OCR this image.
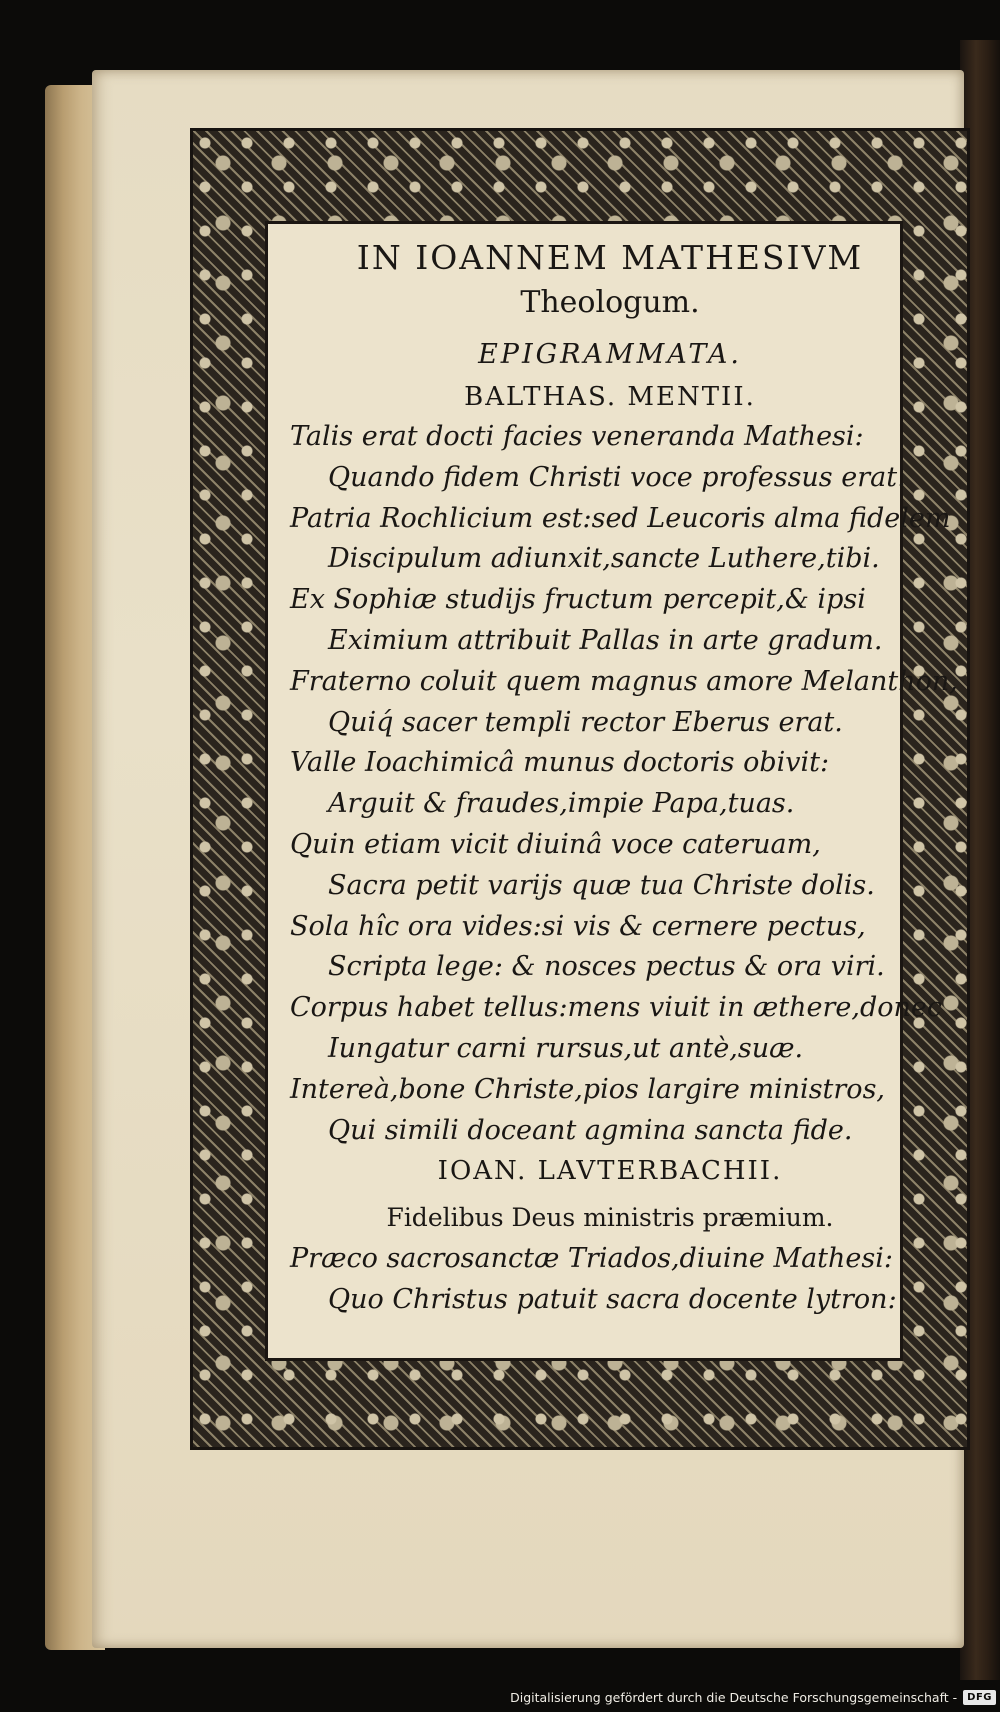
IN IOANNEM MATHESIVM

Theologum.

EPIGRAMMATA.

BALTHAS. MENTII.

Talis erat docti facies veneranda Mathesi:

Quando fidem Christi voce professus erat.

Patria Rochlicium est:sed Leucoris alma fidelem

Discipulum adiunxit,sancte Luthere,tibi.

Ex Sophiæ studijs fructum percepit,& ipsi

Eximium attribuit Pallas in arte gradum.

Fraterno coluit quem magnus amore Melanthon,

Quiq́ sacer templi rector Eberus erat.

Valle Ioachimicâ munus doctoris obivit:

Arguit & fraudes,impie Papa,tuas.

Quin etiam vicit diuinâ voce cateruam,

Sacra petit varijs quæ tua Christe dolis.

Sola hîc ora vides:si vis & cernere pectus,

Scripta lege: & nosces pectus & ora viri.

Corpus habet tellus:mens viuit in æthere,donec

Iungatur carni rursus,ut antè,suæ.

Intereà,bone Christe,pios largire ministros,

Qui simili doceant agmina sancta fide.

IOAN. LAVTERBACHII.

Fidelibus Deus ministris præmium.

Præco sacrosanctæ Triados,diuine Mathesi:

Quo Christus patuit sacra docente lytron:

Digitalisierung gefördert durch die Deutsche Forschungsgemeinschaft -	DFG
